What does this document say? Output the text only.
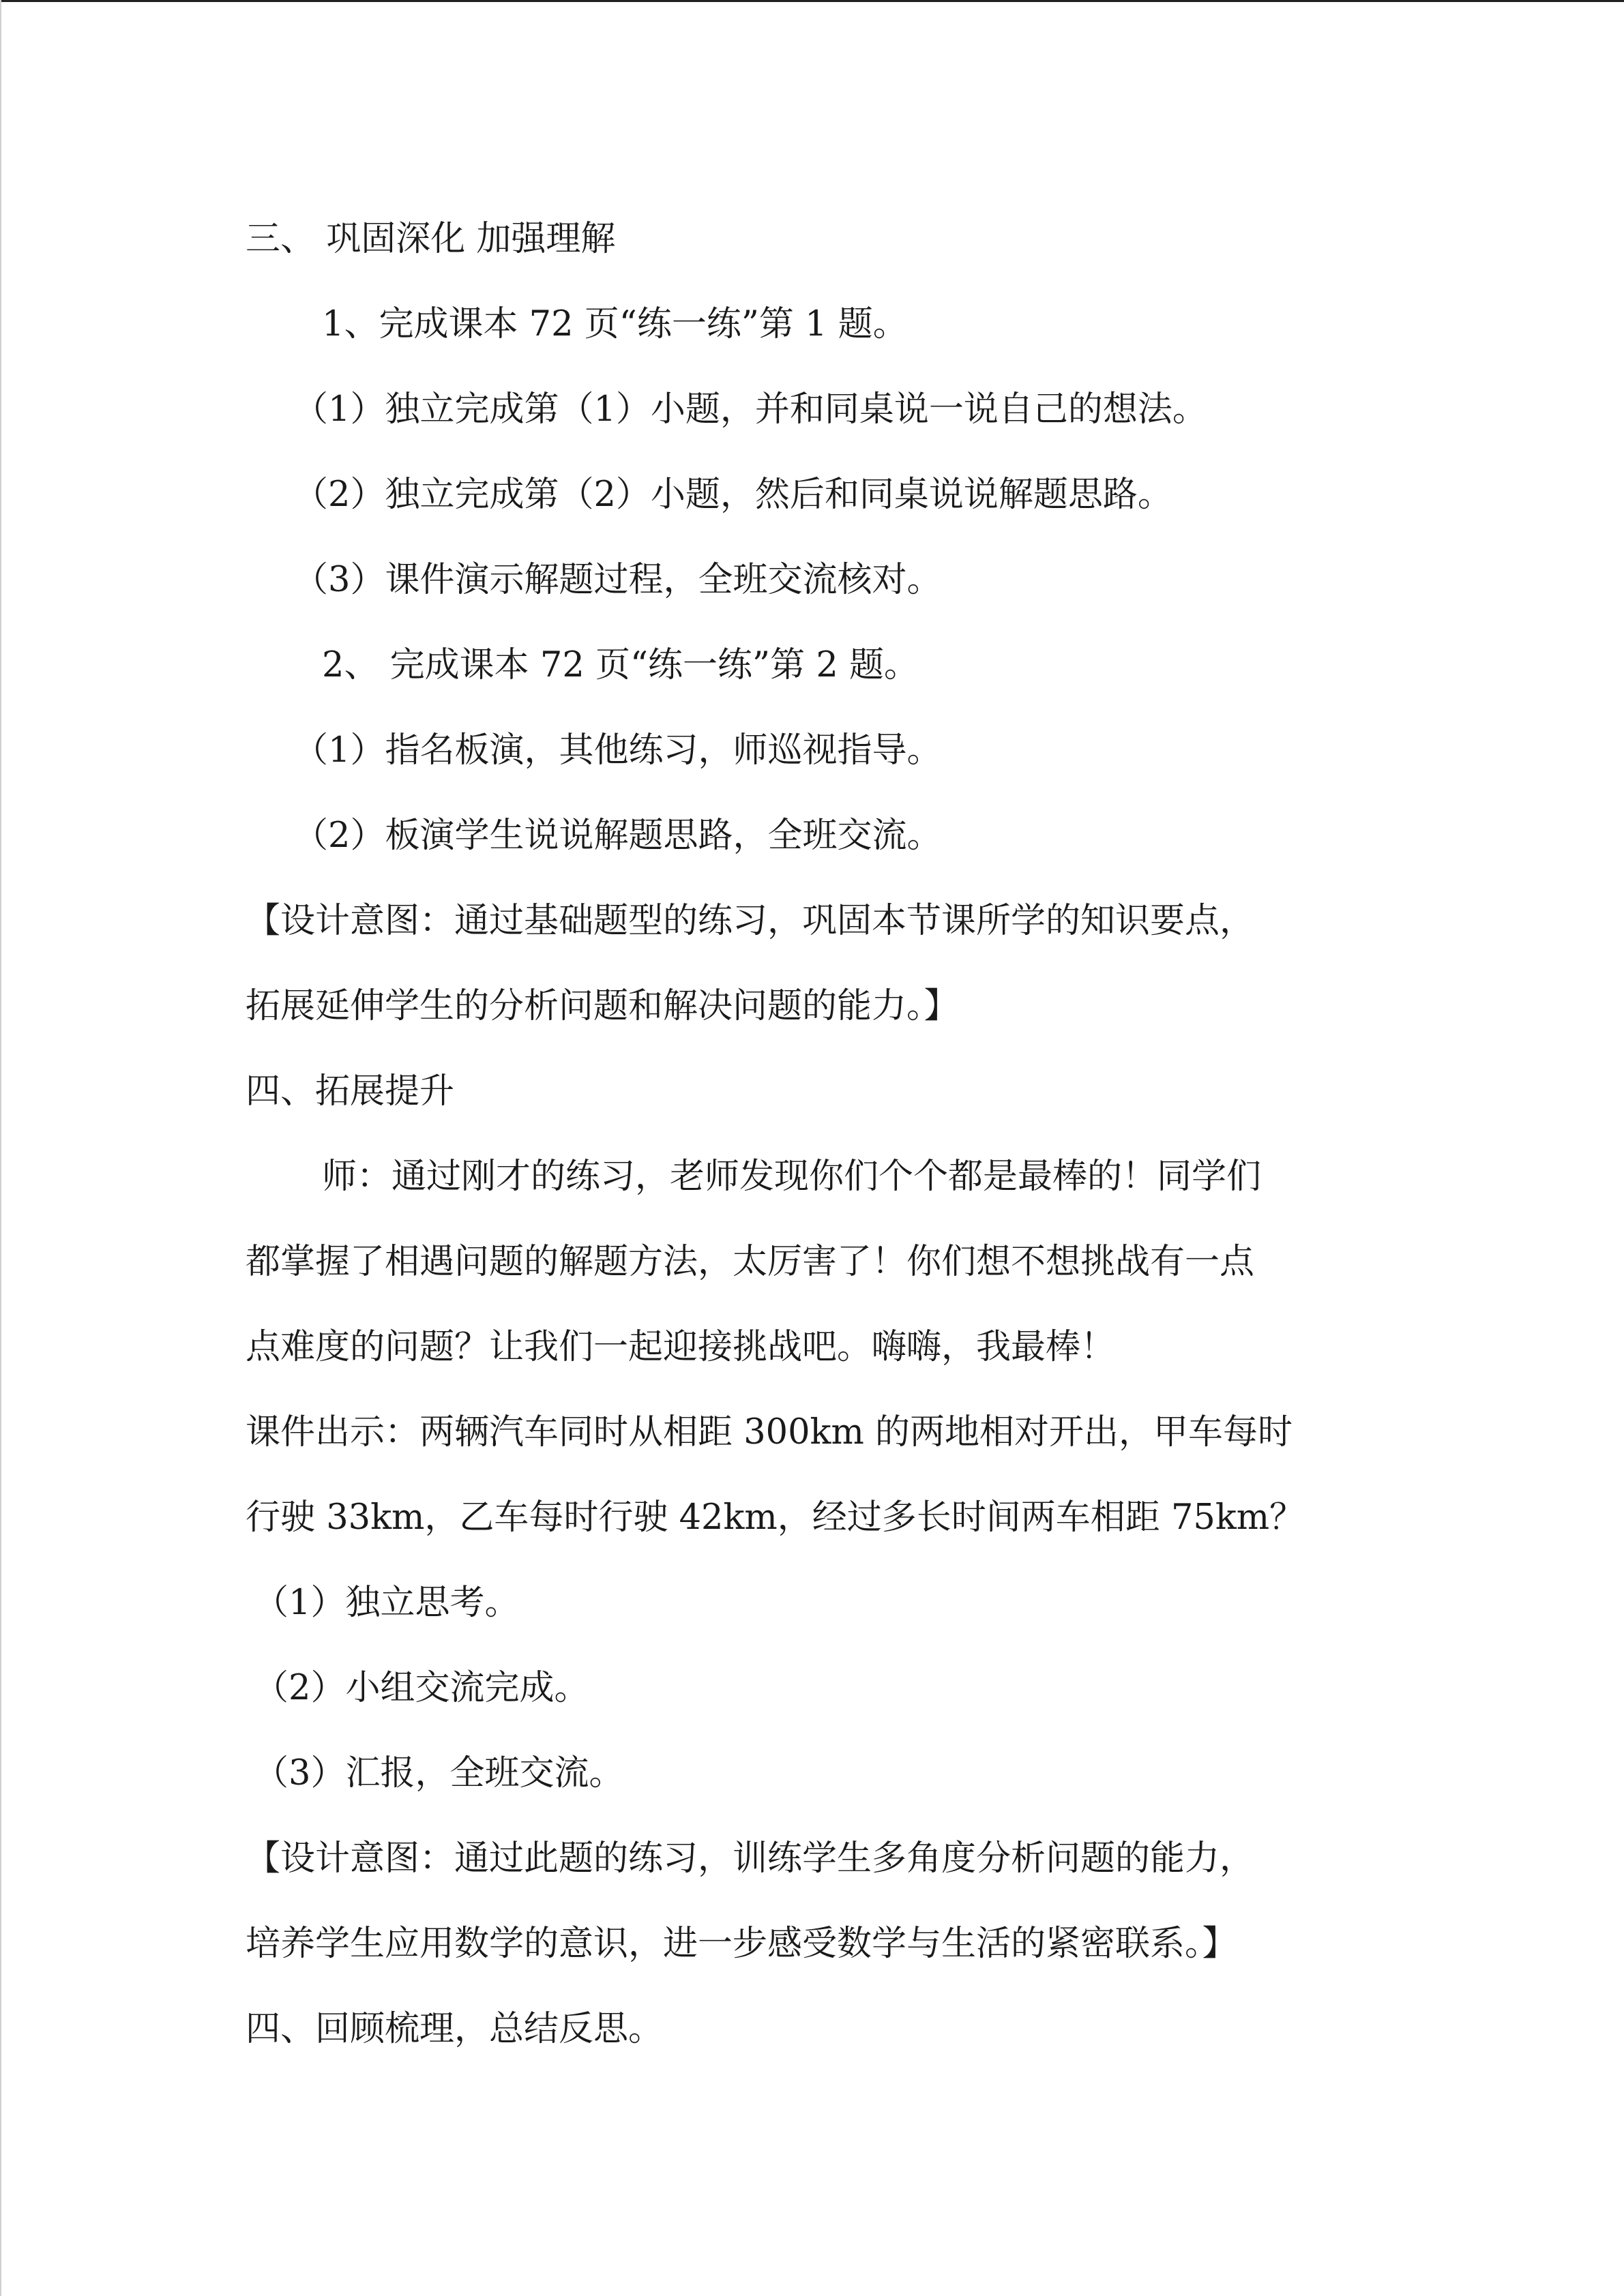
三、 巩固深化 加强理解
1、完成课本 72 页“练一练”第 1 题。
（1）独立完成第（1）小题，并和同桌说一说自己的想法。
（2）独立完成第（2）小题，然后和同桌说说解题思路。
（3）课件演示解题过程，全班交流核对。
2、 完成课本 72 页“练一练”第 2 题。
（1）指名板演，其他练习，师巡视指导。
（2）板演学生说说解题思路，全班交流。
【设计意图：通过基础题型的练习，巩固本节课所学的知识要点，
拓展延伸学生的分析问题和解决问题的能力。】
四、拓展提升
师：通过刚才的练习，老师发现你们个个都是最棒的！同学们
都掌握了相遇问题的解题方法，太厉害了！你们想不想挑战有一点
点难度的问题？让我们一起迎接挑战吧。嗨嗨，我最棒！
课件出示：两辆汽车同时从相距 300km 的两地相对开出，甲车每时
行驶 33km，乙车每时行驶 42km，经过多长时间两车相距 75km？
（1）独立思考。
（2）小组交流完成。
（3）汇报，全班交流。
【设计意图：通过此题的练习，训练学生多角度分析问题的能力，
培养学生应用数学的意识，进一步感受数学与生活的紧密联系。】
四、回顾梳理，总结反思。
